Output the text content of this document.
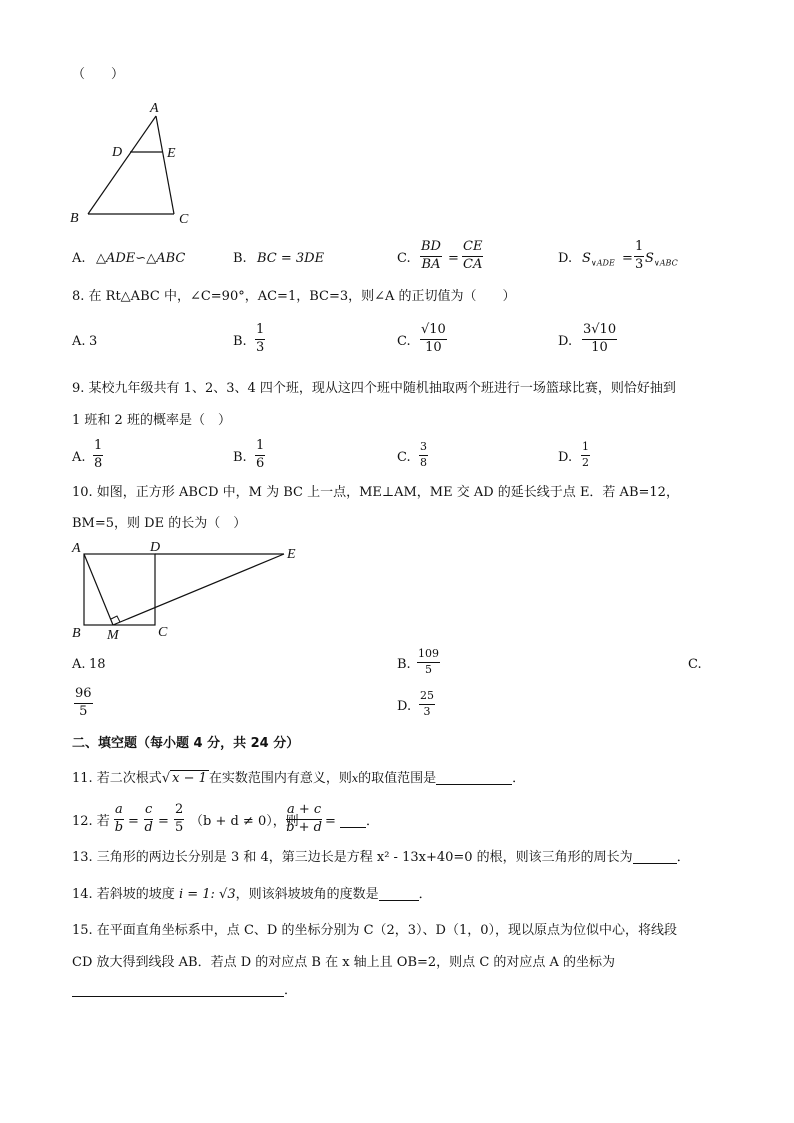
（　　）
A
D	E
B	C
A. △ADE∽△ABC	B. BC = 3DE	C.
BD
BA =
CE
CA	D. $S_{\vee ADE}$ =
1
3 $S_{\vee ABC}$
8. 在 Rt△ABC 中，∠C=90°，AC=1，BC=3，则∠A 的正切值为（　　）
A. 3	B.
1
3	C.
√10
10	D.
3√10
10
9. 某校九年级共有 1、2、3、4 四个班，现从这四个班中随机抽取两个班进行一场篮球比赛，则恰好抽到
1 班和 2 班的概率是（　）
A.
1
8	B.
1
6	C.
3
8	D.
1
2
10. 如图，正方形 ABCD 中，M 为 BC 上一点，ME⊥AM，ME 交 AD 的延长线于点 E．若 AB=12，
BM=5，则 DE 的长为（　）
A	D	E
B M	C
A. 18	B.
109
5	C.
96
5	D.
25
3
二、填空题（每小题 4 分，共 24 分）
11. 若二次根式√ x − 1 在实数范围内有意义，则x的取值范围是	．
12. 若
a
b =
c
d =
2
5 （b + d ≠ 0），则
a + c
b + d =	．
13. 三角形的两边长分别是 3 和 4，第三边长是方程 x² - 13x+40=0 的根，则该三角形的周长为	．
14. 若斜坡的坡度 i = 1: √3，则该斜坡坡角的度数是	．
15. 在平面直角坐标系中，点 C、D 的坐标分别为 C（2，3）、D（1，0），现以原点为位似中心，将线段
CD 放大得到线段 AB．若点 D 的对应点 B 在 x 轴上且 OB=2，则点 C 的对应点 A 的坐标为
．
